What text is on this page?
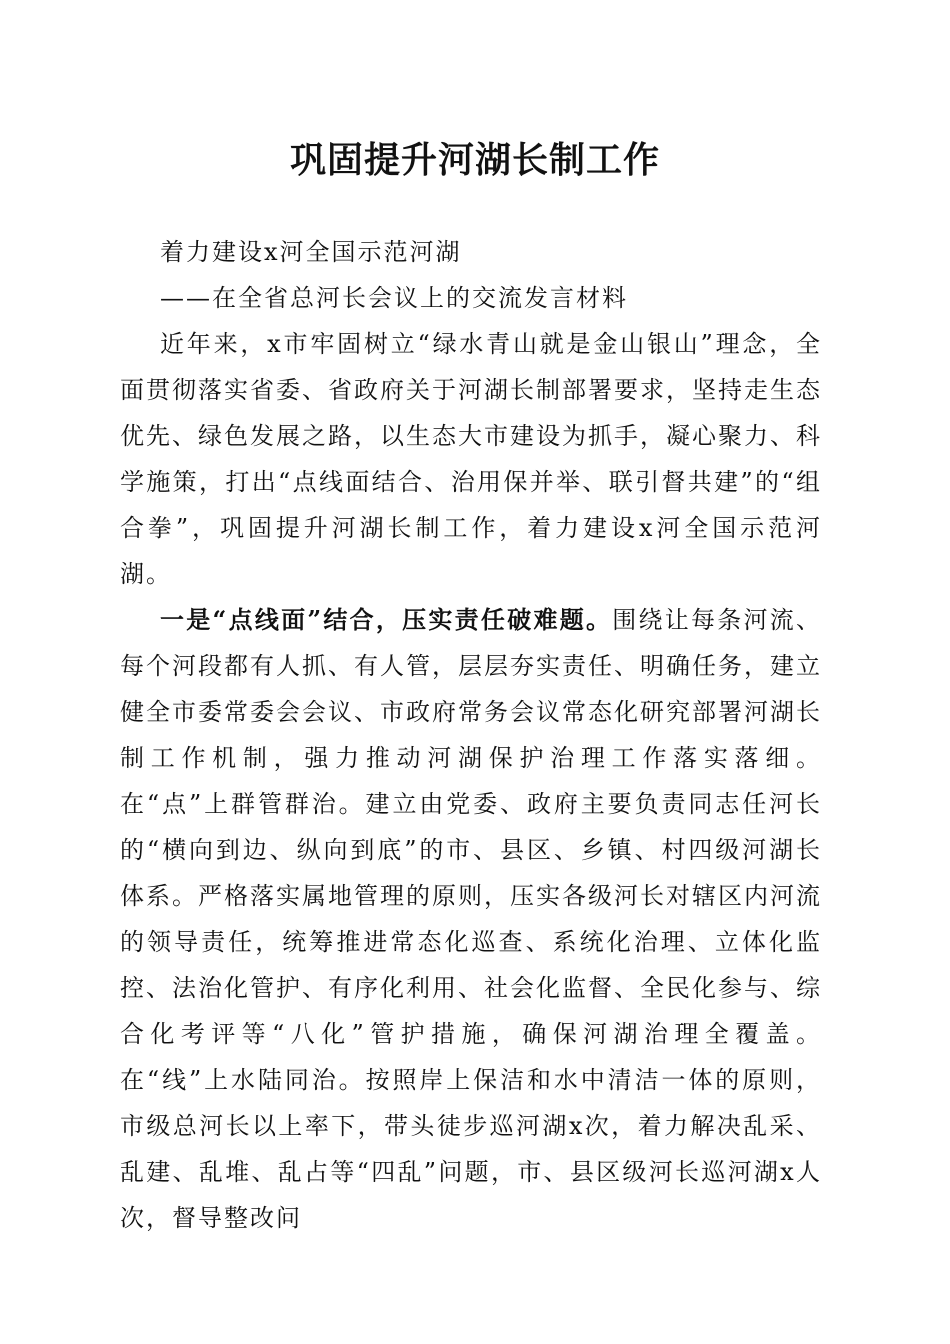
巩固提升河湖长制工作

着力建设x河全国示范河湖

——在全省总河长会议上的交流发言材料

近年来，x市牢固树立“绿水青山就是金山银山”理念，全面贯彻落实省委、省政府关于河湖长制部署要求，坚持走生态优先、绿色发展之路，以生态大市建设为抓手，凝心聚力、科学施策，打出“点线面结合、治用保并举、联引督共建”的“组合拳”，巩固提升河湖长制工作，着力建设x河全国示范河湖。

一是“点线面”结合，压实责任破难题。围绕让每条河流、每个河段都有人抓、有人管，层层夯实责任、明确任务，建立健全市委常委会会议、市政府常务会议常态化研究部署河湖长制工作机制，强力推动河湖保护治理工作落实落细。在“点”上群管群治。建立由党委、政府主要负责同志任河长的“横向到边、纵向到底”的市、县区、乡镇、村四级河湖长体系。严格落实属地管理的原则，压实各级河长对辖区内河流的领导责任，统筹推进常态化巡查、系统化治理、立体化监控、法治化管护、有序化利用、社会化监督、全民化参与、综合化考评等“八化”管护措施，确保河湖治理全覆盖。在“线”上水陆同治。按照岸上保洁和水中清洁一体的原则，市级总河长以上率下，带头徒步巡河湖x次，着力解决乱采、乱建、乱堆、乱占等“四乱”问题，市、县区级河长巡河湖x人次，督导整改问
